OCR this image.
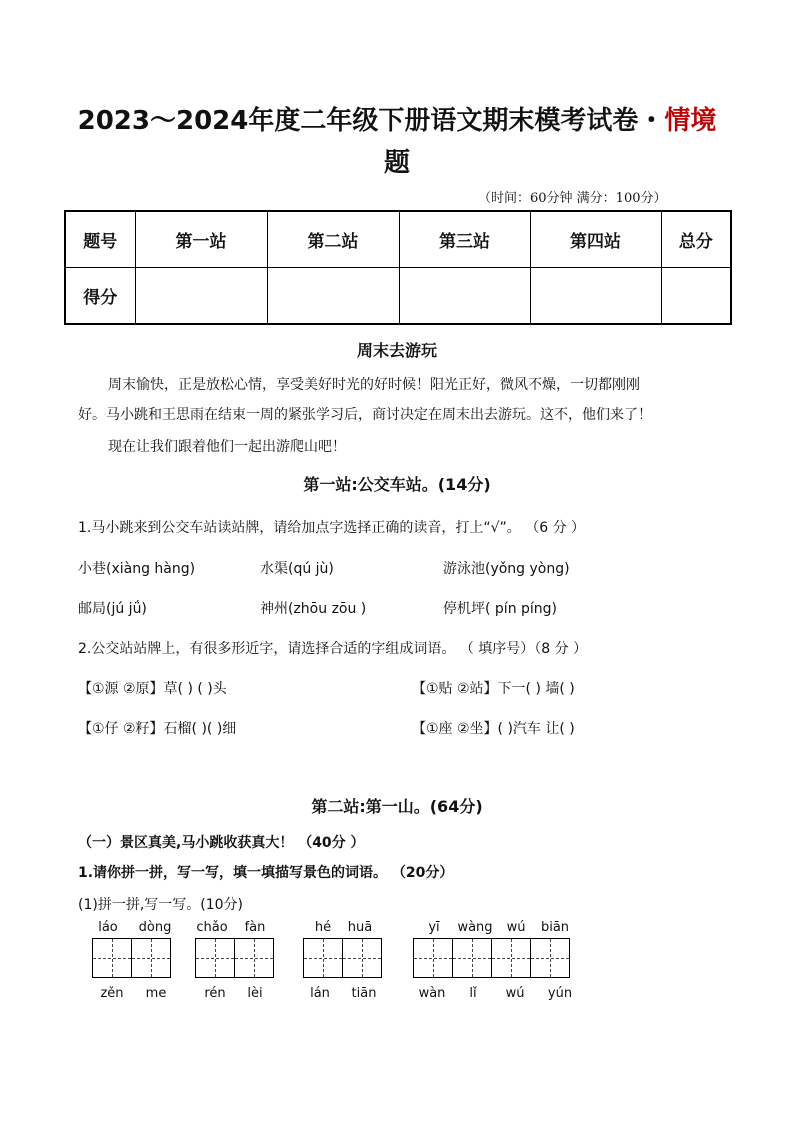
2023～2024年度二年级下册语文期末模考试卷・情境
题
（时间：60分钟 满分：100分）
题号	第一站	第二站	第三站	第四站	总分
得分					
周末去游玩
周末愉快，正是放松心情，享受美好时光的好时候！阳光正好，微风不燥，一切都刚刚
好。马小跳和王思雨在结束一周的紧张学习后，商讨决定在周末出去游玩。这不，他们来了！
现在让我们跟着他们一起出游爬山吧！
第一站:公交车站。(14分)
1.马小跳来到公交车站读站牌，请给加点字选择正确的读音，打上“√”。 （6 分 ）
小巷(xiàng hàng)	水渠(qú jù)	游泳池(yǒng yòng)
邮局(jú jǘ)	神州(zhōu zōu )	停机坪( pín píng)
2.公交站站牌上，有很多形近字，请选择合适的字组成词语。 （ 填序号）（8 分 ）
【①源 ②原】草( ) ( )头	【①贴 ②站】下一( ) 墙( )
【①仔 ②籽】石榴( )( )细	【①座 ②坐】( )汽车 让( )
第二站:第一山。(64分)
（一）景区真美,马小跳收获真大！ （40分 ）
1.请你拼一拼，写一写，填一填描写景色的词语。 （20分）
(1)拼一拼,写一写。(10分)
láo	dòng	chǎo	fàn	hé	huā	yī	wàng	wú	biān
zěn	me	rén	lèi	lán	tiān	wàn	lǐ	wú	yún
